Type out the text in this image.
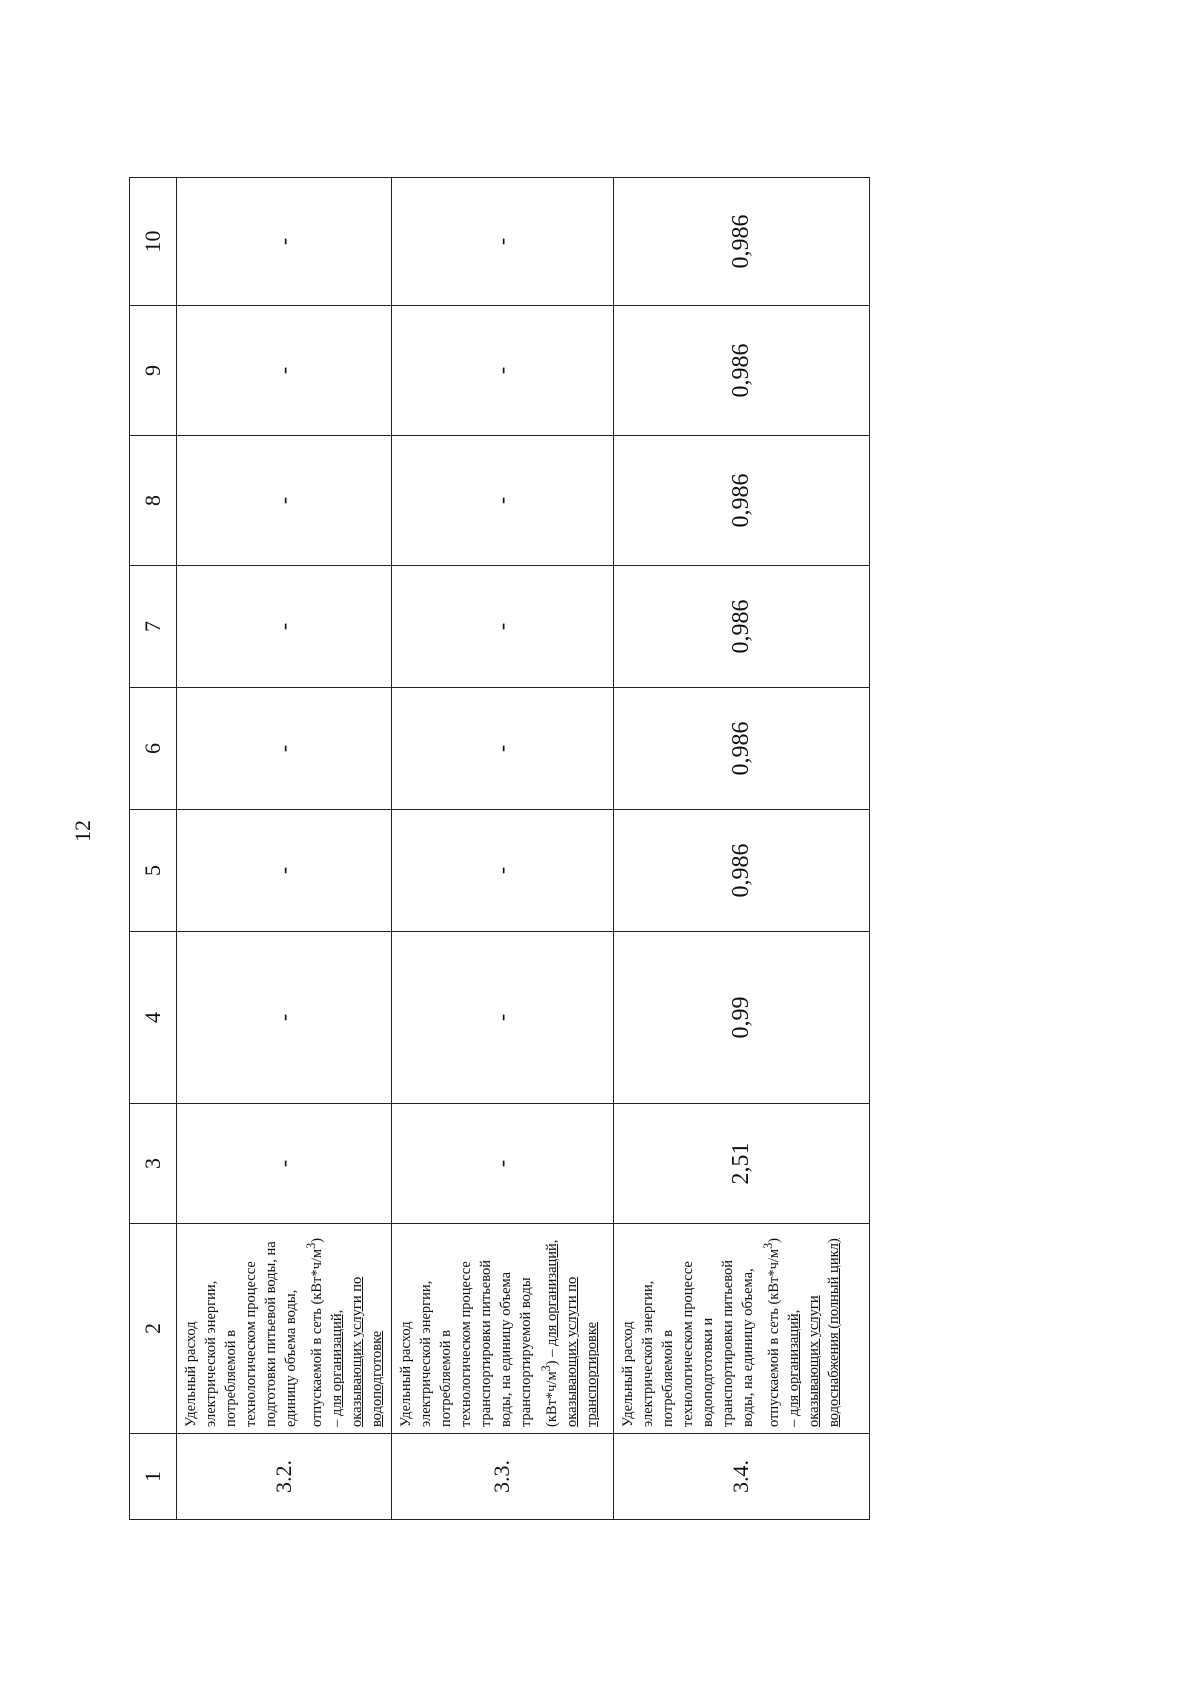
12
1	2	3	4	5	6	7	8	9	10
3.2.	Удельный расход электрической энергии, потребляемой в технологическом процессе подготовки питьевой воды, на единицу объема воды, отпускаемой в сеть $(кВт*ч/м^3)$ – для организаций, оказывающих услуги по водоподготовке	-	-	-	-	-	-	-	-
3.3.	Удельный расход электрической энергии, потребляемой в технологическом процессе транспортировки питьевой воды, на единицу объема транспортируемой воды $(кВт*ч/м^3)$ – для организаций, оказывающих услуги по транспортировке	-	-	-	-	-	-	-	-
3.4.	Удельный расход электрической энергии, потребляемой в технологическом процессе водоподготовки и транспортировки питьевой воды, на единицу объема, отпускаемой в сеть $(кВт*ч/м^3)$ – для организаций, оказывающих услуги водоснабжения (полный цикл)	2,51	0,99	0,986	0,986	0,986	0,986	0,986	0,986
